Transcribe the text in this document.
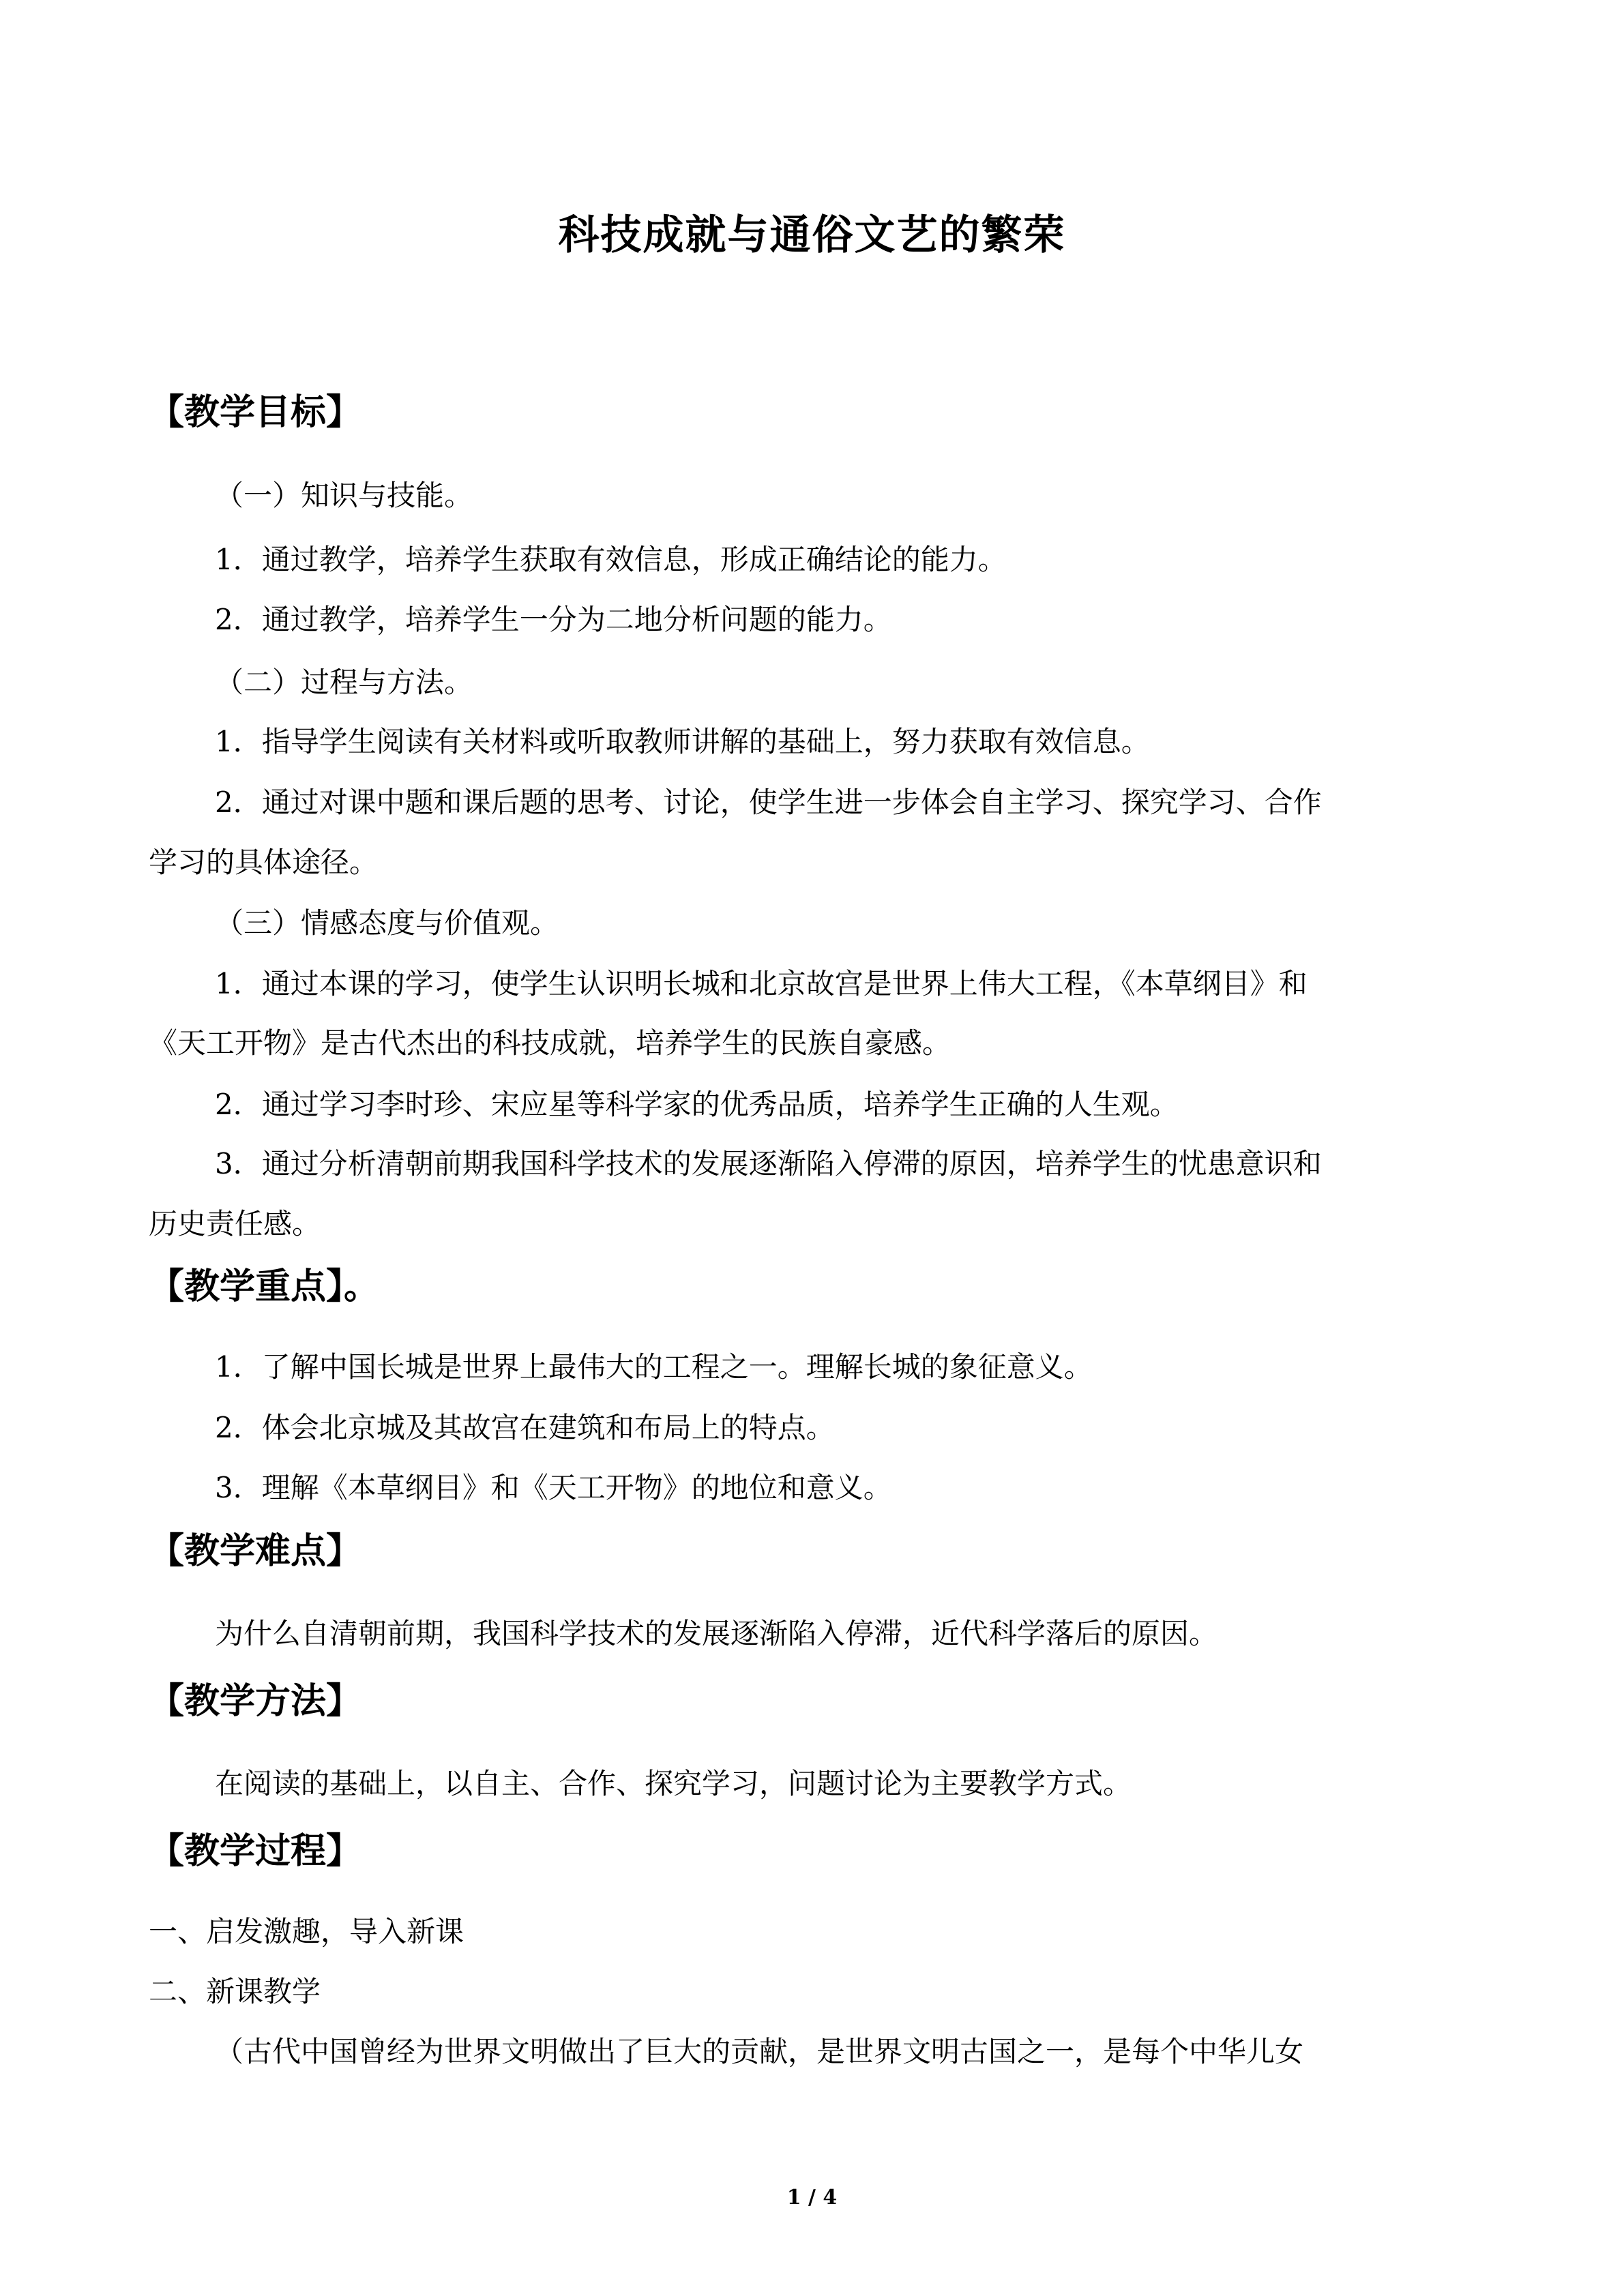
科技成就与通俗文艺的繁荣
【教学目标】
（一）知识与技能。
1．通过教学，培养学生获取有效信息，形成正确结论的能力。
2．通过教学，培养学生一分为二地分析问题的能力。
（二）过程与方法。
1．指导学生阅读有关材料或听取教师讲解的基础上，努力获取有效信息。
2．通过对课中题和课后题的思考、讨论，使学生进一步体会自主学习、探究学习、合作
学习的具体途径。
（三）情感态度与价值观。
1．通过本课的学习，使学生认识明长城和北京故宫是世界上伟大工程，《本草纲目》和
《天工开物》是古代杰出的科技成就，培养学生的民族自豪感。
2．通过学习李时珍、宋应星等科学家的优秀品质，培养学生正确的人生观。
3．通过分析清朝前期我国科学技术的发展逐渐陷入停滞的原因，培养学生的忧患意识和
历史责任感。
【教学重点】。
1．了解中国长城是世界上最伟大的工程之一。理解长城的象征意义。
2．体会北京城及其故宫在建筑和布局上的特点。
3．理解《本草纲目》和《天工开物》的地位和意义。
【教学难点】
为什么自清朝前期，我国科学技术的发展逐渐陷入停滞，近代科学落后的原因。
【教学方法】
在阅读的基础上，以自主、合作、探究学习，问题讨论为主要教学方式。
【教学过程】
一、启发激趣，导入新课
二、新课教学
（古代中国曾经为世界文明做出了巨大的贡献，是世界文明古国之一，是每个中华儿女
1 / 4
